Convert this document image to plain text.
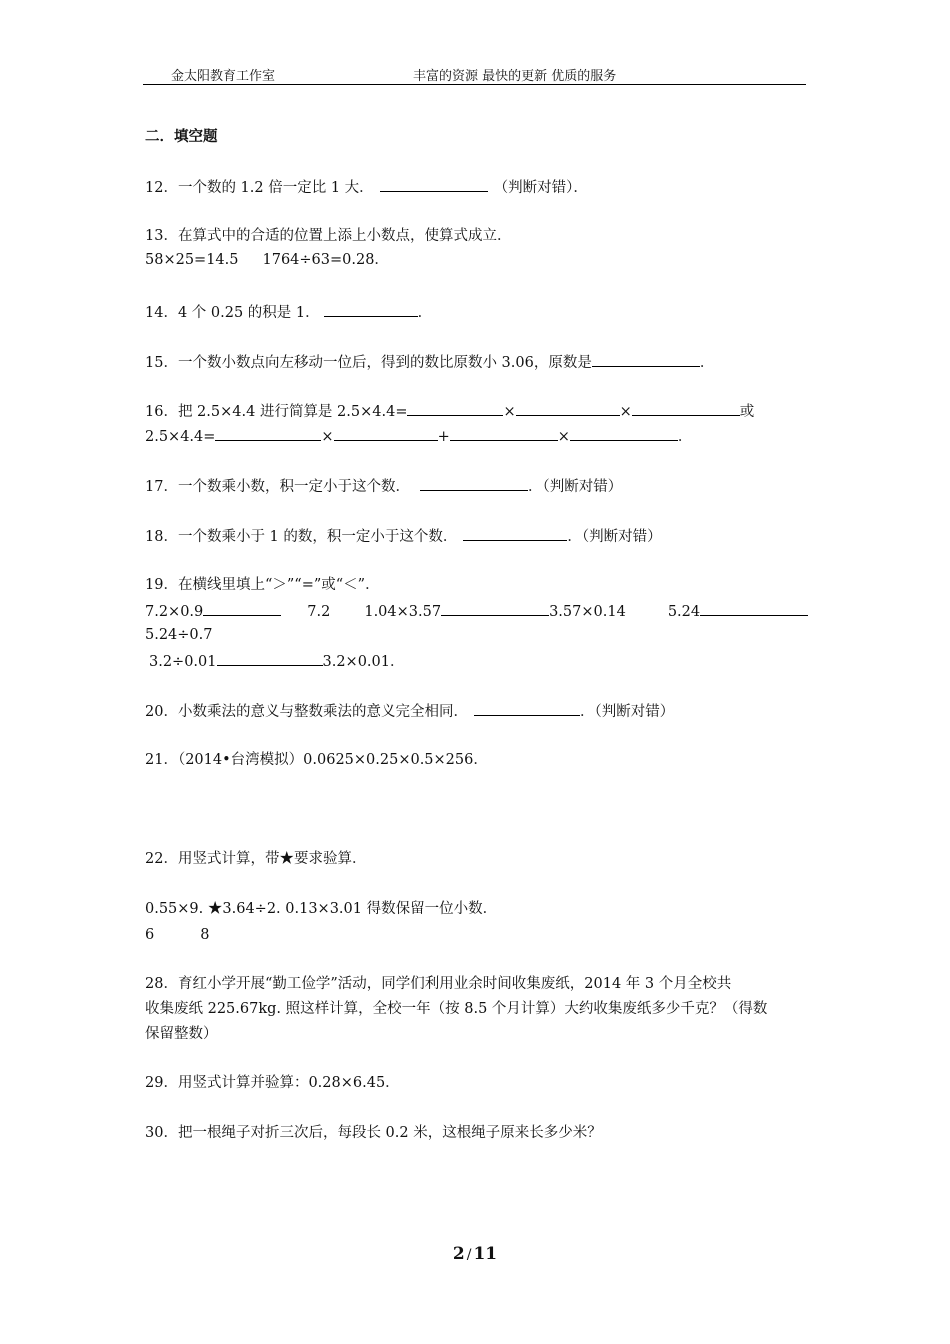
金太阳教育工作室	丰富的资源 最快的更新 优质的服务
二．填空题
12．一个数的 1.2 倍一定比 1 大．	（判断对错）．
13．在算式中的合适的位置上添上小数点，使算式成立．
58×25=14.5 1764÷63=0.28．
14．4 个 0.25 的积是 1．	．
15．一个数小数点向左移动一位后，得到的数比原数小 3.06，原数是	．
16．把 2.5×4.4 进行简算是 2.5×4.4=	×	×	或
2.5×4.4=	×	+	×	．
17．一个数乘小数，积一定小于这个数．	．（判断对错）
18．一个数乘小于 1 的数，积一定小于这个数．	．（判断对错）
19．在横线里填上“＞”“=”或“＜”．
7.2×0.9	7.2 1.04×3.57	3.57×0.14	5.24
5.24÷0.7
3.2÷0.01	3.2×0.01．
20．小数乘法的意义与整数乘法的意义完全相同．	．（判断对错）
21．（2014•台湾模拟）0.0625×0.25×0.5×256．
22．用竖式计算，带★要求验算．
0.55×9. ★3.64÷2. 0.13×3.01 得数保留一位小数．
6	8
28．育红小学开展“勤工俭学”活动，同学们利用业余时间收集废纸，2014 年 3 个月全校共
收集废纸 225.67kg. 照这样计算，全校一年（按 8.5 个月计算）大约收集废纸多少千克？（得数
保留整数）
29．用竖式计算并验算：0.28×6.45．
30．把一根绳子对折三次后，每段长 0.2 米，这根绳子原来长多少米？
2 / 11
